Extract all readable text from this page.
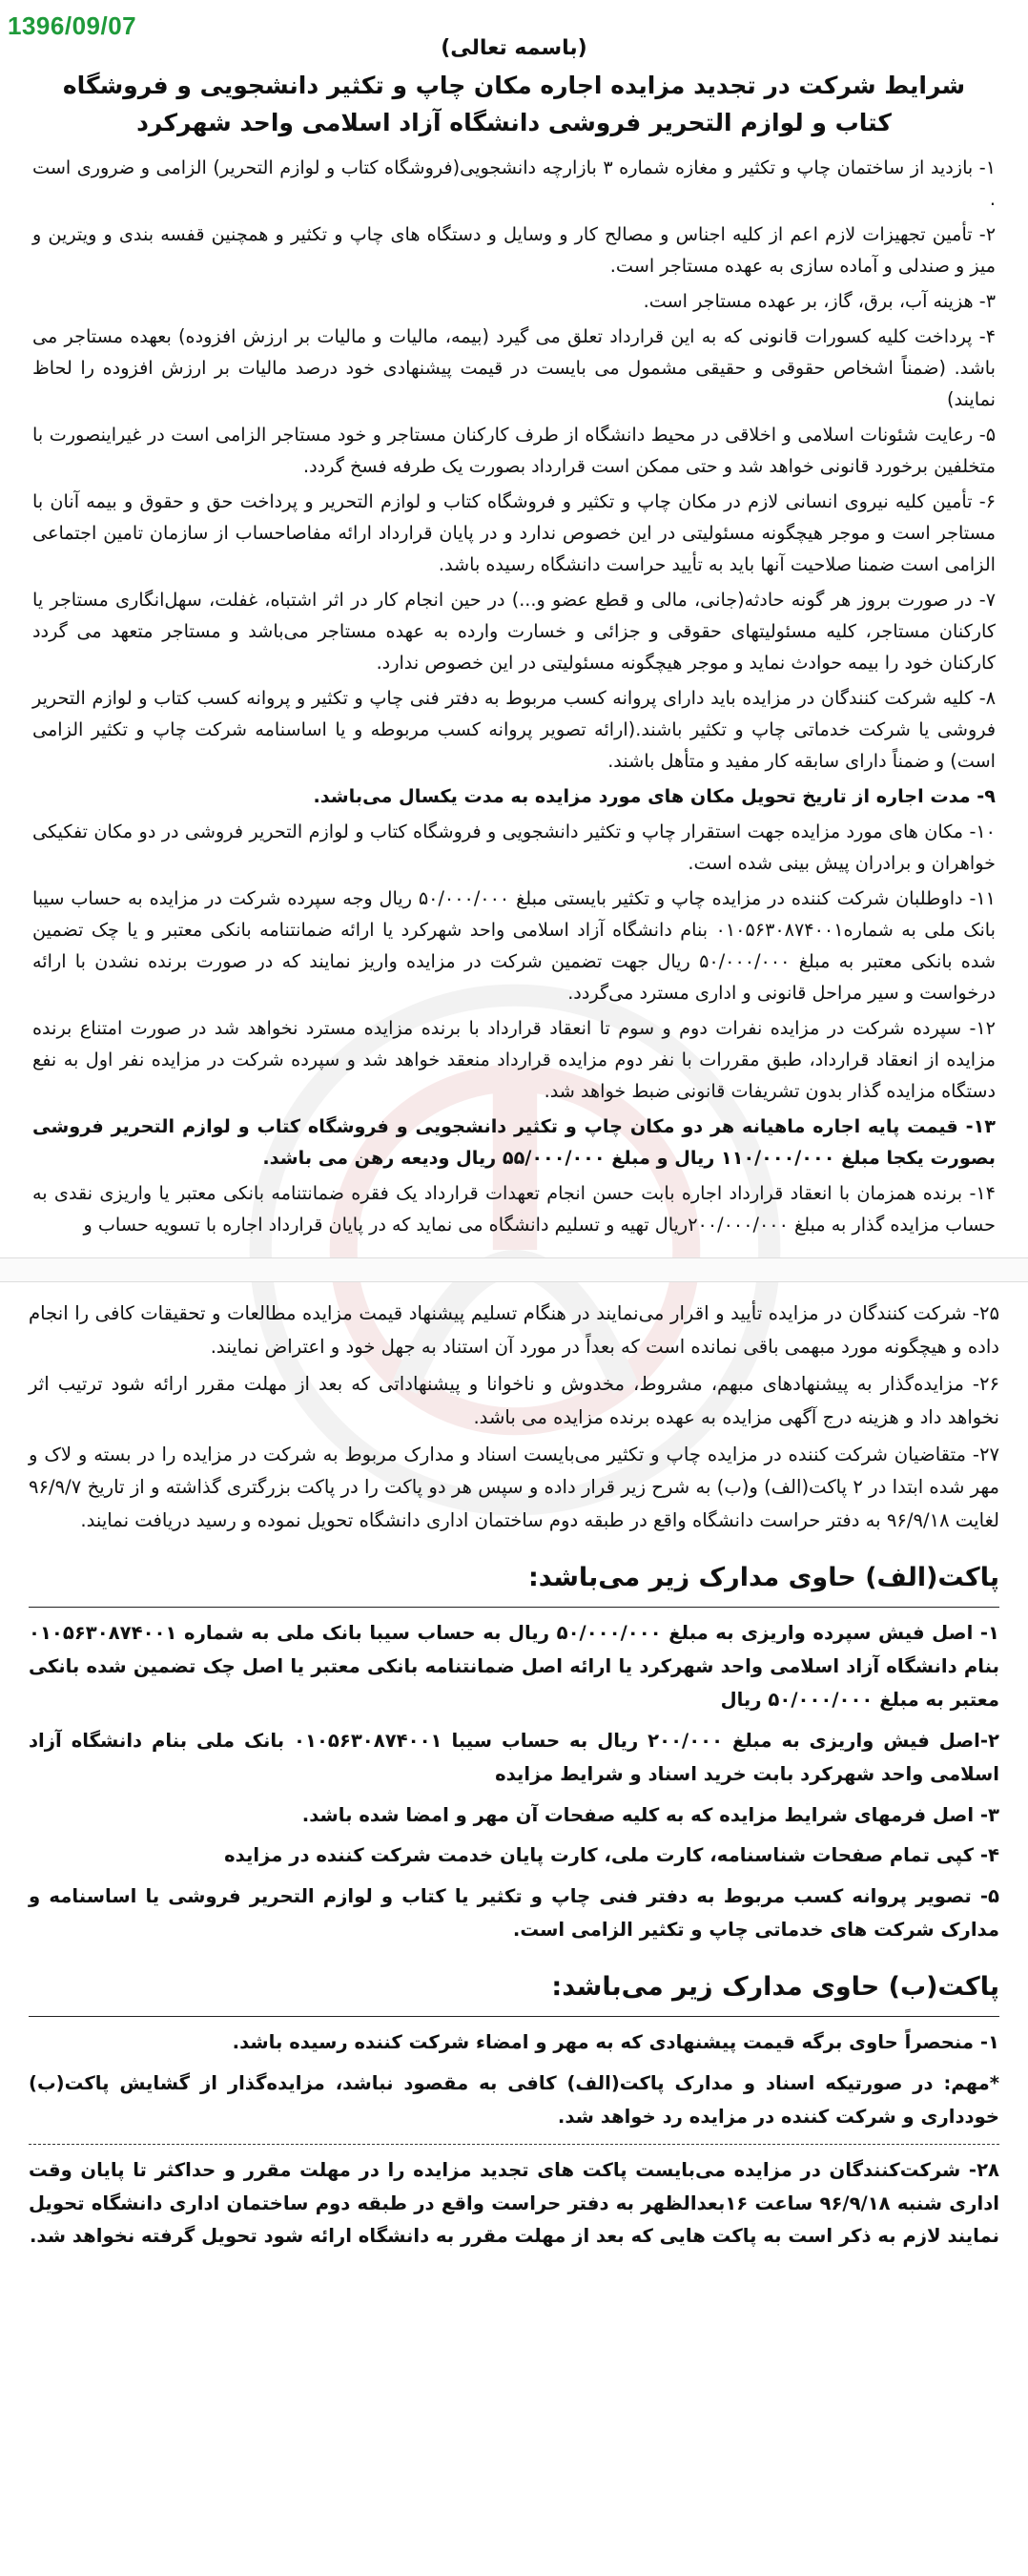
1396/09/07
(باسمه تعالی)
شرایط شرکت در تجدید مزایده اجاره مکان چاپ و تکثیر دانشجویی و فروشگاه کتاب و لوازم التحریر فروشی دانشگاه آزاد اسلامی واحد شهرکرد
۱- بازدید از ساختمان چاپ و تکثیر و مغازه شماره ۳ بازارچه دانشجویی(فروشگاه کتاب و لوازم التحریر) الزامی و ضروری است .
۲- تأمین تجهیزات لازم اعم از کلیه اجناس و مصالح کار و وسایل و دستگاه های چاپ و تکثیر و همچنین قفسه بندی و ویترین و میز و صندلی و آماده سازی به عهده مستاجر است.
۳- هزینه آب، برق، گاز، بر عهده مستاجر است.
۴- پرداخت کلیه کسورات قانونی که به این قرارداد تعلق می گیرد (بیمه، مالیات و مالیات بر ارزش افزوده) بعهده مستاجر می باشد. (ضمناً اشخاص حقوقی و حقیقی مشمول می بایست در قیمت پیشنهادی خود درصد مالیات بر ارزش افزوده را لحاظ نمایند)
۵- رعایت شئونات اسلامی و اخلاقی در محیط دانشگاه از طرف کارکنان مستاجر و خود مستاجر الزامی است در غیراینصورت با متخلفین برخورد قانونی خواهد شد و حتی ممکن است قرارداد بصورت یک طرفه فسخ گردد.
۶- تأمین کلیه نیروی انسانی لازم در مکان چاپ و تکثیر و فروشگاه کتاب و لوازم التحریر و پرداخت حق و حقوق و بیمه آنان با مستاجر است و موجر هیچگونه مسئولیتی در این خصوص ندارد و در پایان قرارداد ارائه مفاصاحساب از سازمان تامین اجتماعی الزامی است ضمنا صلاحیت آنها باید به تأیید حراست دانشگاه رسیده باشد.
۷- در صورت بروز هر گونه حادثه(جانی، مالی و قطع عضو و...) در حین انجام کار در اثر اشتباه، غفلت، سهل‌انگاری مستاجر یا کارکنان مستاجر، کلیه مسئولیتهای حقوقی و جزائی و خسارت وارده به عهده مستاجر می‌باشد و مستاجر متعهد می گردد کارکنان خود را بیمه حوادث نماید و موجر هیچگونه مسئولیتی در این خصوص ندارد.
۸- کلیه شرکت کنندگان در مزایده باید دارای پروانه کسب مربوط به دفتر فنی چاپ و تکثیر و پروانه کسب کتاب و لوازم التحریر فروشی یا شرکت خدماتی چاپ و تکثیر باشند.(ارائه تصویر پروانه کسب مربوطه و یا اساسنامه شرکت چاپ و تکثیر الزامی است) و ضمناً دارای سابقه کار مفید و متأهل باشند.
۹- مدت اجاره از تاریخ تحویل مکان های مورد مزایده به مدت یکسال می‌باشد.
۱۰- مکان های مورد مزایده جهت استقرار چاپ و تکثیر دانشجویی و فروشگاه کتاب و لوازم التحریر فروشی در دو مکان تفکیکی خواهران و برادران پیش بینی شده است.
۱۱- داوطلبان شرکت کننده در مزایده چاپ و تکثیر بایستی مبلغ ۵۰/۰۰۰/۰۰۰ ریال وجه سپرده شرکت در مزایده به حساب سیبا بانک ملی به شماره۰۱۰۵۶۳۰۸۷۴۰۰۱ بنام دانشگاه آزاد اسلامی واحد شهرکرد یا ارائه ضمانتنامه بانکی معتبر و یا چک تضمین شده بانکی معتبر به مبلغ ۵۰/۰۰۰/۰۰۰ ریال جهت تضمین شرکت در مزایده واریز نمایند که در صورت برنده نشدن با ارائه درخواست و سیر مراحل قانونی و اداری مسترد می‌گردد.
۱۲- سپرده شرکت در مزایده نفرات دوم و سوم تا انعقاد قرارداد با برنده مزایده مسترد نخواهد شد در صورت امتناع برنده مزایده از انعقاد قرارداد، طبق مقررات با نفر دوم مزایده قرارداد منعقد خواهد شد و سپرده شرکت در مزایده نفر اول به نفع دستگاه مزایده گذار بدون تشریفات قانونی ضبط خواهد شد.
۱۳- قیمت پایه اجاره ماهیانه هر دو مکان چاپ و تکثیر دانشجویی و فروشگاه کتاب و لوازم التحریر فروشی بصورت یکجا مبلغ ۱۱۰/۰۰۰/۰۰۰ ریال و مبلغ ۵۵/۰۰۰/۰۰۰ ریال ودیعه رهن می باشد.
۱۴- برنده همزمان با انعقاد قرارداد اجاره بابت حسن انجام تعهدات قرارداد یک فقره ضمانتنامه بانکی معتبر یا واریزی نقدی به حساب مزایده گذار به مبلغ ۲۰۰/۰۰۰/۰۰۰ریال تهیه و تسلیم دانشگاه می نماید که در پایان قرارداد اجاره با تسویه حساب و
۲۵- شرکت کنندگان در مزایده تأیید و اقرار می‌نمایند در هنگام تسلیم پیشنهاد قیمت مزایده مطالعات و تحقیقات کافی را انجام داده و هیچگونه مورد مبهمی باقی نمانده است که بعداً در مورد آن استناد به جهل خود و اعتراض نمایند.
۲۶- مزایده‌گذار به پیشنهادهای مبهم، مشروط، مخدوش و ناخوانا و پیشنهاداتی که بعد از مهلت مقرر ارائه شود ترتیب اثر نخواهد داد و هزینه درج آگهی مزایده به عهده برنده مزایده می باشد.
۲۷- متقاضیان شرکت کننده در مزایده چاپ و تکثیر می‌بایست اسناد و مدارک مربوط به شرکت در مزایده را در بسته و لاک و مهر شده ابتدا در ۲ پاکت(الف) و(ب) به شرح زیر قرار داده و سپس هر دو پاکت را در پاکت بزرگتری گذاشته و از تاریخ ۹۶/۹/۷ لغایت ۹۶/۹/۱۸ به دفتر حراست دانشگاه واقع در طبقه دوم ساختمان اداری دانشگاه تحویل نموده و رسید دریافت نمایند.
پاکت(الف) حاوی مدارک زیر می‌باشد:
۱- اصل فیش سپرده واریزی به مبلغ ۵۰/۰۰۰/۰۰۰ ریال به حساب سیبا بانک ملی به شماره ۰۱۰۵۶۳۰۸۷۴۰۰۱ بنام دانشگاه آزاد اسلامی واحد شهرکرد یا ارائه اصل ضمانتنامه بانکی معتبر یا اصل چک تضمین شده بانکی معتبر به مبلغ ۵۰/۰۰۰/۰۰۰ ریال
۲-اصل فیش واریزی به مبلغ ۲۰۰/۰۰۰ ریال به حساب سیبا ۰۱۰۵۶۳۰۸۷۴۰۰۱ بانک ملی بنام دانشگاه آزاد اسلامی واحد شهرکرد بابت خرید اسناد و شرایط مزایده
۳- اصل فرمهای شرایط مزایده که به کلیه صفحات آن مهر و امضا شده باشد.
۴- کپی تمام صفحات شناسنامه، کارت ملی، کارت پایان خدمت شرکت کننده در مزایده
۵- تصویر پروانه کسب مربوط به دفتر فنی چاپ و تکثیر یا کتاب و لوازم التحریر فروشی یا اساسنامه و مدارک شرکت های خدماتی چاپ و تکثیر الزامی است.
پاکت(ب) حاوی مدارک زیر می‌باشد:
۱- منحصراً حاوی برگه قیمت پیشنهادی که به مهر و امضاء شرکت کننده رسیده باشد.
*مهم: در صورتیکه اسناد و مدارک پاکت(الف) کافی به مقصود نباشد، مزایده‌گذار از گشایش پاکت(ب) خودداری و شرکت کننده در مزایده رد خواهد شد.
۲۸- شرکت‌کنندگان در مزایده می‌بایست پاکت های تجدید مزایده را در مهلت مقرر و حداکثر تا پایان وقت اداری شنبه ۹۶/۹/۱۸ ساعت ۱۶بعدالظهر به دفتر حراست واقع در طبقه دوم ساختمان اداری دانشگاه تحویل نمایند لازم به ذکر است به پاکت هایی که بعد از مهلت مقرر به دانشگاه ارائه شود تحویل گرفته نخواهد شد.
